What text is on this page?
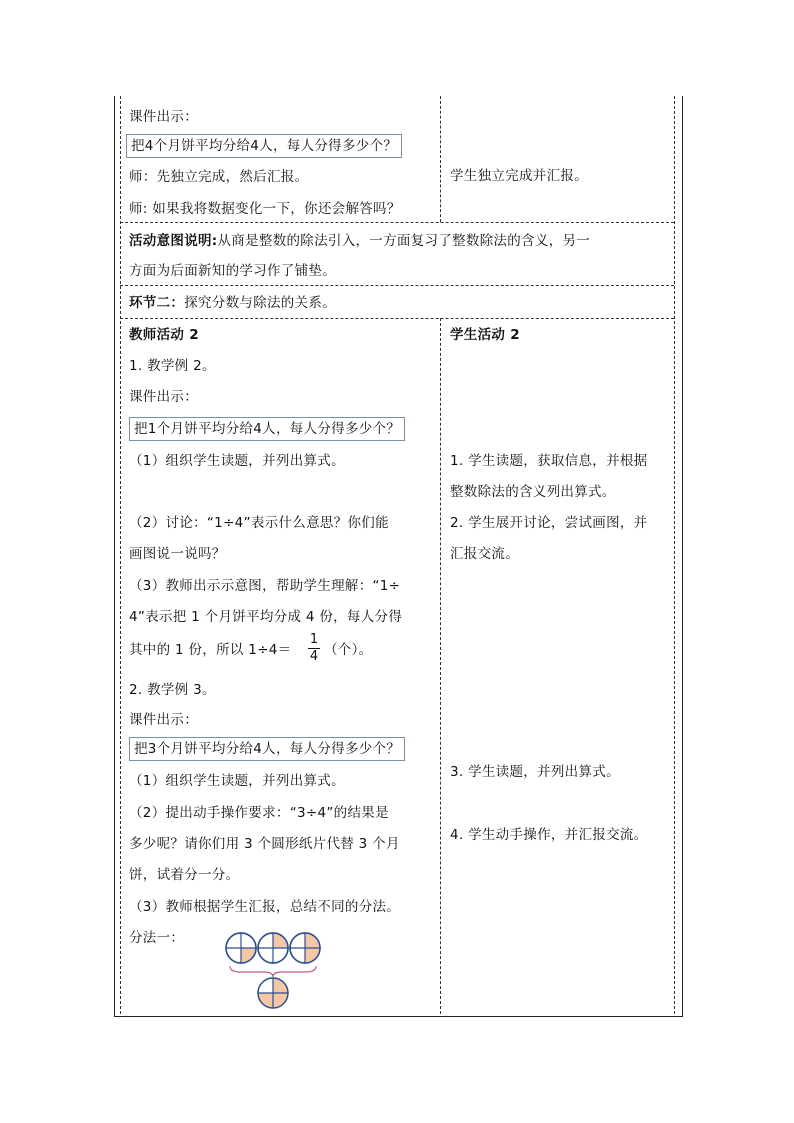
课件出示：
把4个月饼平均分给4人，每人分得多少个？
师：先独立完成，然后汇报。
师: 如果我将数据变化一下，你还会解答吗？
学生独立完成并汇报。
活动意图说明:从商是整数的除法引入，一方面复习了整数除法的含义，另一
方面为后面新知的学习作了铺垫。
环节二：探究分数与除法的关系。
教师活动 2
1. 教学例 2。
课件出示：
把1个月饼平均分给4人，每人分得多少个？
（1）组织学生读题，并列出算式。
（2）讨论：“1÷4”表示什么意思？你们能
画图说一说吗？
（3）教师出示示意图，帮助学生理解：“1÷
4”表示把 1 个月饼平均分成 4 份，每人分得
其中的 1 份，所以 1÷4＝
1
4 （个）。
2. 教学例 3。
课件出示：
把3个月饼平均分给4人，每人分得多少个？
（1）组织学生读题，并列出算式。
（2）提出动手操作要求：“3÷4”的结果是
多少呢？请你们用 3 个圆形纸片代替 3 个月
饼，试着分一分。
（3）教师根据学生汇报，总结不同的分法。
分法一：
学生活动 2
1. 学生读题，获取信息，并根据
整数除法的含义列出算式。
2. 学生展开讨论，尝试画图，并
汇报交流。
3. 学生读题，并列出算式。
4. 学生动手操作，并汇报交流。
